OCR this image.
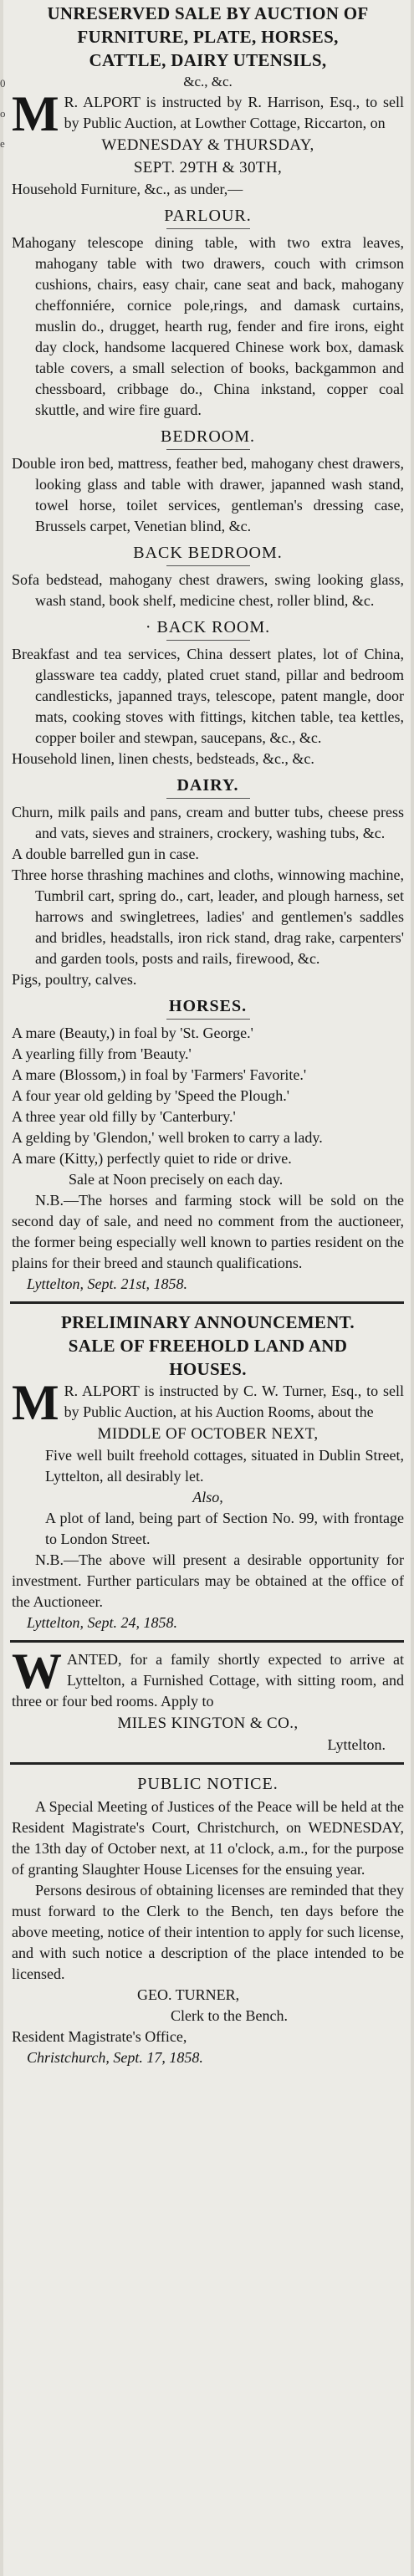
0
o
e
UNRESERVED SALE BY AUCTION OF
FURNITURE, PLATE, HORSES,
CATTLE, DAIRY UTENSILS,
&c., &c.
M R. ALPORT is instructed by R. Harrison, Esq., to sell by Public Auction, at Lowther Cottage, Riccarton, on
WEDNESDAY & THURSDAY,
SEPT. 29TH & 30TH,
Household Furniture, &c., as under,—
PARLOUR.

Mahogany telescope dining table, with two extra leaves, mahogany table with two drawers, couch with crimson cushions, chairs, easy chair, cane seat and back, mahogany cheffonniére, cornice pole,rings, and damask curtains, muslin do., drugget, hearth rug, fender and fire irons, eight day clock, handsome lacquered Chinese work box, damask table covers, a small selection of books, backgammon and chessboard, cribbage do., China inkstand, copper coal skuttle, and wire fire guard.

BEDROOM.

Double iron bed, mattress, feather bed, mahogany chest drawers, looking glass and table with drawer, japanned wash stand, towel horse, toilet services, gentleman's dressing case, Brussels carpet, Venetian blind, &c.

BACK BEDROOM.

Sofa bedstead, mahogany chest drawers, swing looking glass, wash stand, book shelf, medicine chest, roller blind, &c.

· BACK ROOM.

Breakfast and tea services, China dessert plates, lot of China, glassware tea caddy, plated cruet stand, pillar and bedroom candlesticks, japanned trays, telescope, patent mangle, door mats, cooking stoves with fittings, kitchen table, tea kettles, copper boiler and stewpan, saucepans, &c., &c.

Household linen, linen chests, bedsteads, &c., &c.

DAIRY.

Churn, milk pails and pans, cream and butter tubs, cheese press and vats, sieves and strainers, crockery, washing tubs, &c.

A double barrelled gun in case.

Three horse thrashing machines and cloths, winnowing machine, Tumbril cart, spring do., cart, leader, and plough harness, set harrows and swingletrees, ladies' and gentlemen's saddles and bridles, headstalls, iron rick stand, drag rake, carpenters' and garden tools, posts and rails, firewood, &c.

Pigs, poultry, calves.

HORSES.

A mare (Beauty,) in foal by 'St. George.'

A yearling filly from 'Beauty.'

A mare (Blossom,) in foal by 'Farmers' Favorite.'

A four year old gelding by 'Speed the Plough.'

A three year old filly by 'Canterbury.'

A gelding by 'Glendon,' well broken to carry a lady.

A mare (Kitty,) perfectly quiet to ride or drive.

Sale at Noon precisely on each day.
N.B.—The horses and farming stock will be sold on the second day of sale, and need no comment from the auctioneer, the former being especially well known to parties resident on the plains for their breed and staunch qualifications.
Lyttelton, Sept. 21st, 1858.
PRELIMINARY ANNOUNCEMENT.
SALE OF FREEHOLD LAND AND
HOUSES.
M R. ALPORT is instructed by C. W. Turner, Esq., to sell by Public Auction, at his Auction Rooms, about the
MIDDLE OF OCTOBER NEXT,

Five well built freehold cottages, situated in Dublin Street, Lyttelton, all desirably let.

Also,

A plot of land, being part of Section No. 99, with frontage to London Street.

N.B.—The above will present a desirable opportunity for investment. Further particulars may be obtained at the office of the Auctioneer.
Lyttelton, Sept. 24, 1858.
WANTED, for a family shortly expected to arrive at Lyttelton, a Furnished Cottage, with sitting room, and three or four bed rooms. Apply to
MILES KINGTON & CO.,
Lyttelton.
PUBLIC NOTICE.
A Special Meeting of Justices of the Peace will be held at the Resident Magistrate's Court, Christchurch, on WEDNESDAY, the 13th day of October next, at 11 o'clock, a.m., for the purpose of granting Slaughter House Licenses for the ensuing year.
Persons desirous of obtaining licenses are reminded that they must forward to the Clerk to the Bench, ten days before the above meeting, notice of their intention to apply for such license, and with such notice a description of the place intended to be licensed.
GEO. TURNER,
Clerk to the Bench.
Resident Magistrate's Office,
Christchurch, Sept. 17, 1858.
